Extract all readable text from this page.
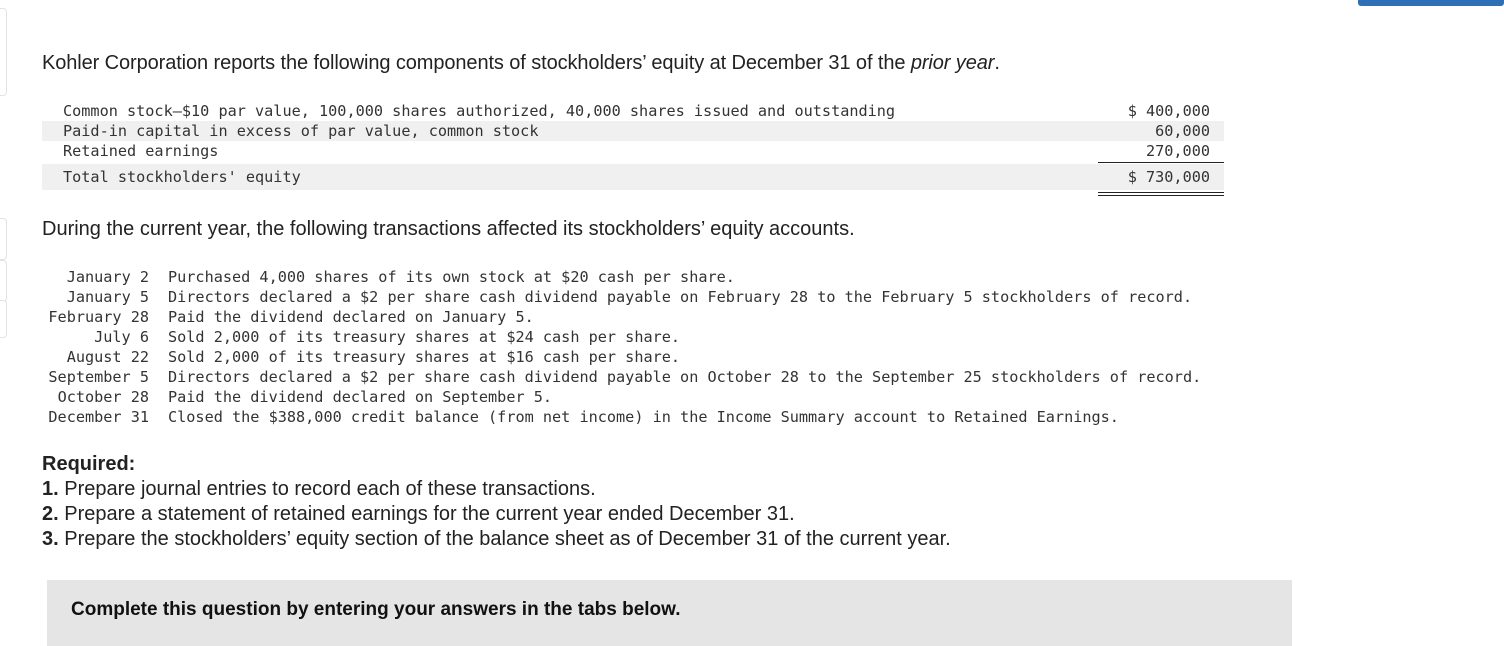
Kohler Corporation reports the following components of stockholders’ equity at December 31 of the prior year.
Common stock—$10 par value, 100,000 shares authorized, 40,000 shares issued and outstanding	$ 400,000
Paid-in capital in excess of par value, common stock	60,000
Retained earnings	270,000
Total stockholders' equity	$ 730,000
During the current year, the following transactions affected its stockholders’ equity accounts.
January 2 Purchased 4,000 shares of its own stock at $20 cash per share.
January 5 Directors declared a $2 per share cash dividend payable on February 28 to the February 5 stockholders of record.
February 28 Paid the dividend declared on January 5.
July 6 Sold 2,000 of its treasury shares at $24 cash per share.
August 22 Sold 2,000 of its treasury shares at $16 cash per share.
September 5 Directors declared a $2 per share cash dividend payable on October 28 to the September 25 stockholders of record.
October 28 Paid the dividend declared on September 5.
December 31 Closed the $388,000 credit balance (from net income) in the Income Summary account to Retained Earnings.
Required:
1. Prepare journal entries to record each of these transactions.
2. Prepare a statement of retained earnings for the current year ended December 31.
3. Prepare the stockholders’ equity section of the balance sheet as of December 31 of the current year.
Complete this question by entering your answers in the tabs below.
